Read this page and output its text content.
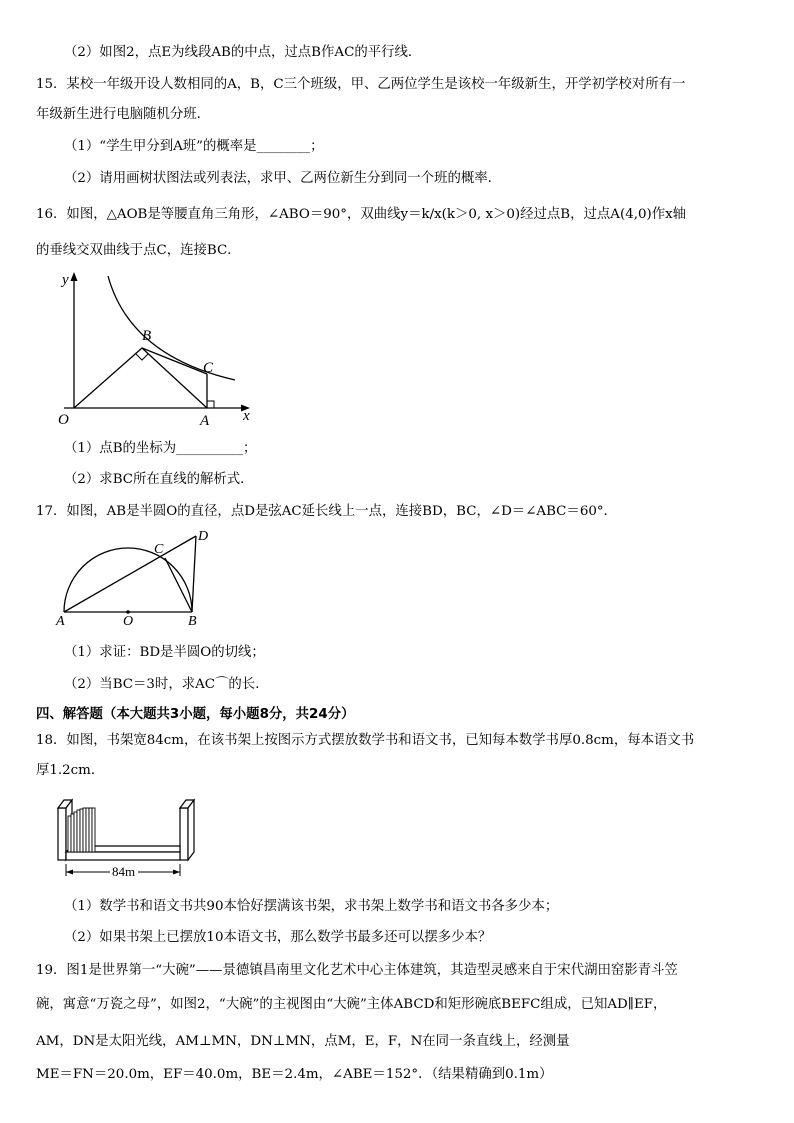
（2）如图2，点E为线段AB的中点，过点B作AC的平行线．
15．某校一年级开设人数相同的A，B，C三个班级，甲、乙两位学生是该校一年级新生，开学初学校对所有一
年级新生进行电脑随机分班．
（1）“学生甲分到A班”的概率是________；
（2）请用画树状图法或列表法，求甲、乙两位新生分到同一个班的概率．
16．如图，△AOB是等腰直角三角形，∠ABO＝90°，双曲线y＝k/x(k＞0, x＞0)经过点B，过点A(4,0)作x轴
的垂线交双曲线于点C，连接BC．
y
x
O	A
B
C
（1）点B的坐标为__________；
（2）求BC所在直线的解析式．
17．如图，AB是半圆O的直径，点D是弦AC延长线上一点，连接BD，BC，∠D＝∠ABC＝60°．
A	O	B
C
D
（1）求证：BD是半圆O的切线；
（2）当BC＝3时，求AC⌒的长．
四、解答题（本大题共3小题，每小题8分，共24分）
18．如图，书架宽84cm，在该书架上按图示方式摆放数学书和语文书，已知每本数学书厚0.8cm，每本语文书
厚1.2cm．
84m
（1）数学书和语文书共90本恰好摆满该书架，求书架上数学书和语文书各多少本；
（2）如果书架上已摆放10本语文书，那么数学书最多还可以摆多少本？
19．图1是世界第一“大碗”——景德镇昌南里文化艺术中心主体建筑，其造型灵感来自于宋代湖田窑影青斗笠
碗，寓意“万瓷之母”，如图2，“大碗”的主视图由“大碗”主体ABCD和矩形碗底BEFC组成，已知AD∥EF，
AM，DN是太阳光线，AM⊥MN，DN⊥MN，点M，E，F，N在同一条直线上，经测量
ME＝FN＝20.0m，EF＝40.0m，BE＝2.4m，∠ABE＝152°．（结果精确到0.1m）
